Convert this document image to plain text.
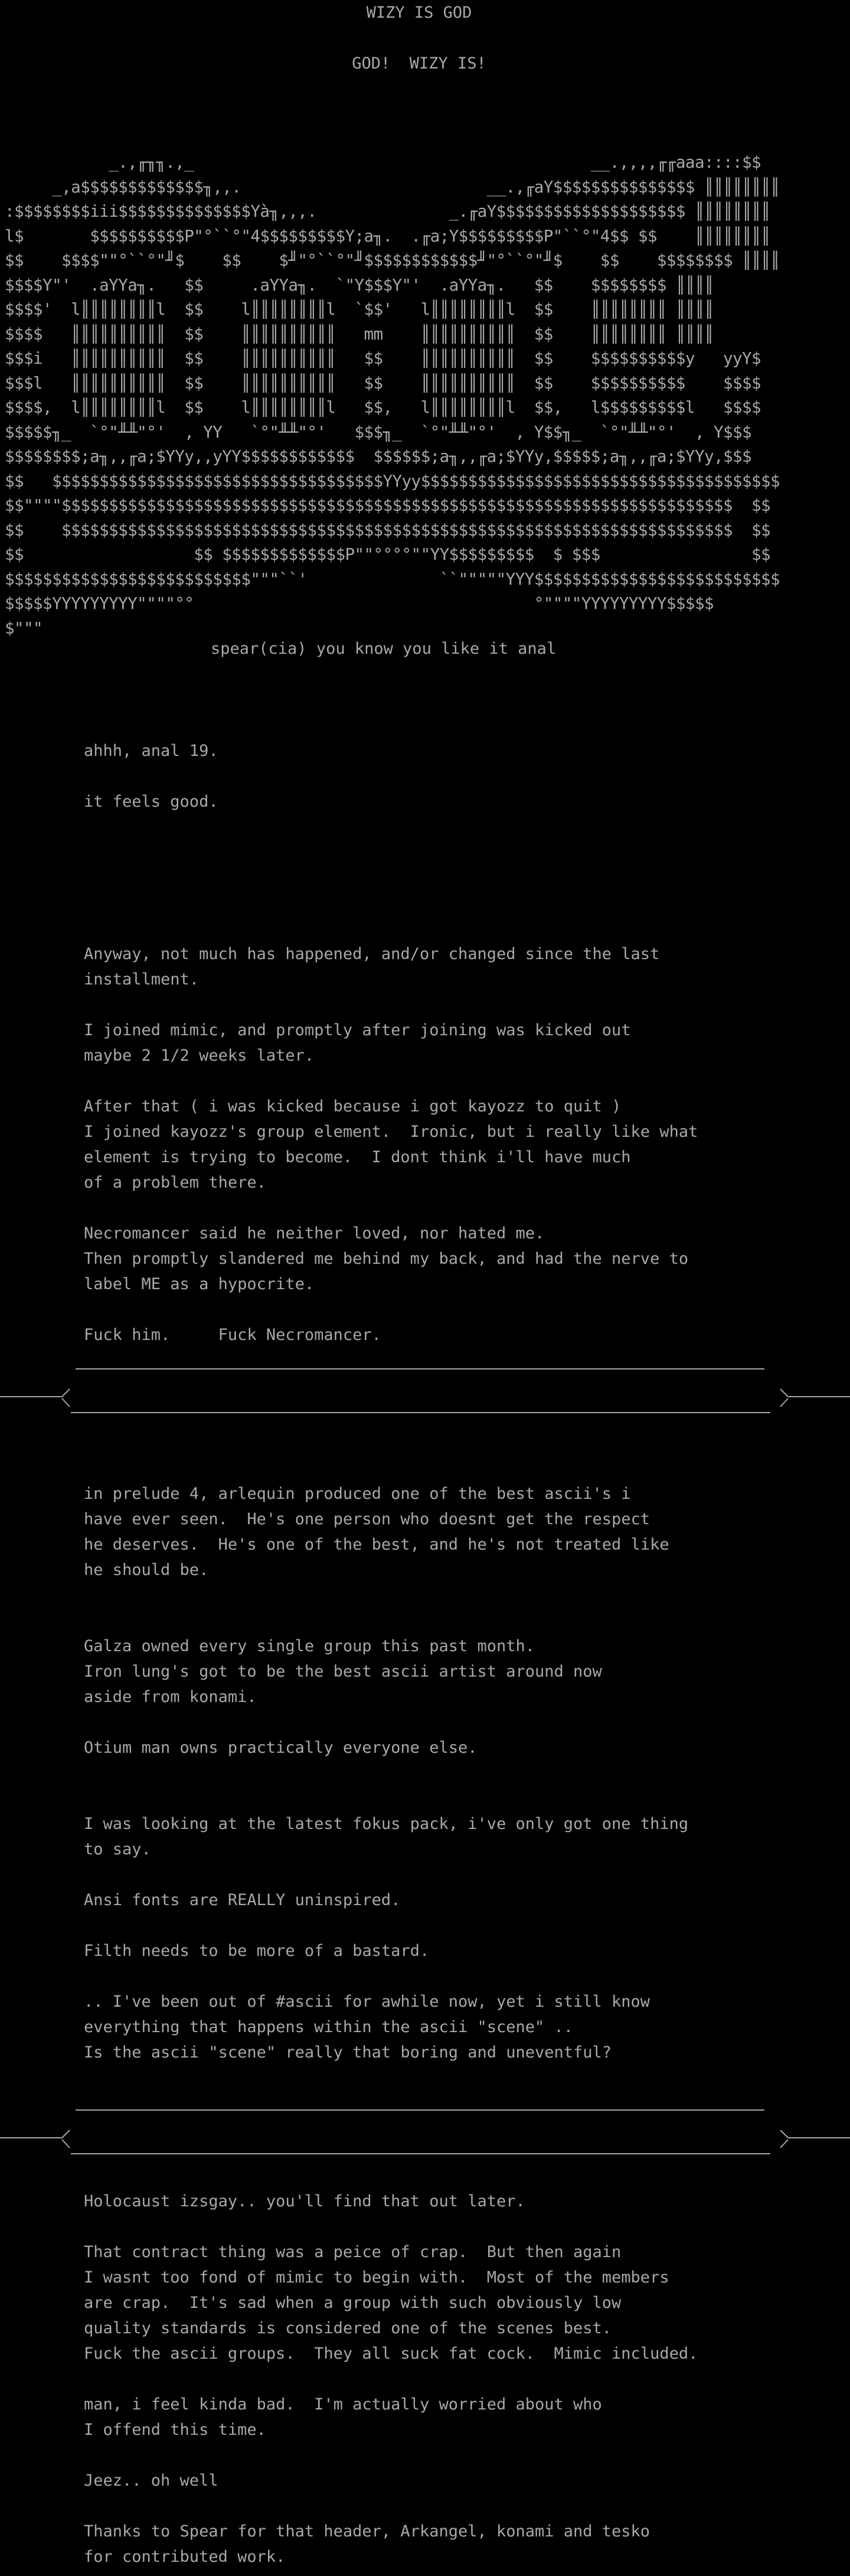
WIZY IS GOD
GOD!  WIZY IS!
_.,╓╖╖.,_                                          __.,,,,╓╓aaa::::$$
_,a$$$$$$$$$$$$$╖,,.                          __.,╓aY$$$$$$$$$$$$$$$ ║║║║║║║║
:$$$$$$$$iii$$$$$$$$$$$$$$Yà╖,,,.              _.╓aY$$$$$$$$$$$$$$$$$$$$ ║║║║║║║║
l$       $$$$$$$$$$P"°``°"4$$$$$$$$$Y;a╖.  .╓a;Y$$$$$$$$$P"``°"4$$ $$    ║║║║║║║║
$$    $$$$""°``°"╜$    $$    $╜"°``°"╜$$$$$$$$$$$$╜"°``°"╜$    $$    $$$$$$$$ ║║║║
$$$$Y"'  .aYYa╖.   $$     .aYYa╖.  `"Y$$$Y"'  .aYYa╖.   $$    $$$$$$$$ ║║║║
$$$$'  l║║║║║║║║l  $$    l║║║║║║║║l  `$$'   l║║║║║║║║l  $$    ║║║║║║║║ ║║║║
$$$$   ║║║║║║║║║║  $$    ║║║║║║║║║║   mm    ║║║║║║║║║║  $$    ║║║║║║║║ ║║║║
$$$i   ║║║║║║║║║║  $$    ║║║║║║║║║║   $$    ║║║║║║║║║║  $$    $$$$$$$$$$y   yyY$
$$$l   ║║║║║║║║║║  $$    ║║║║║║║║║║   $$    ║║║║║║║║║║  $$    $$$$$$$$$$    $$$$
$$$$,  l║║║║║║║║l  $$    l║║║║║║║║l   $$,   l║║║║║║║║l  $$,   l$$$$$$$$$l   $$$$
$$$$$╖_  `°"╨╨"°'  , YY   `°"╨╨"°'   $$$╖_  `°"╨╨"°'  , Y$$╖_  `°"╨╨"°'  , Y$$$
$$$$$$$$;a╖,,╓a;$YYy,,yYY$$$$$$$$$$$$  $$$$$$;a╖,,╓a;$YYy,$$$$$;a╖,,╓a;$YYy,$$$
$$   $$$$$$$$$$$$$$$$$$$$$$$$$$$$$$$$$$$YYyy$$$$$$$$$$$$$$$$$$$$$$$$$$$$$$$$$$$$$$
$$""""$$$$$$$$$$$$$$$$$$$$$$$$$$$$$$$$$$$$$$$$$$$$$$$$$$$$$$$$$$$$$$$$$$$$$$$  $$
$$    $$$$$$$$$$$$$$$$$$$$$$$$$$$$$$$$$$$$$$$$$$$$$$$$$$$$$$$$$$$$$$$$$$$$$$$  $$
$$                  $$ $$$$$$$$$$$$$P""°°°°""YY$$$$$$$$$  $ $$$                $$
$$$$$$$$$$$$$$$$$$$$$$$$$$"""``'              ``"""""YYY$$$$$$$$$$$$$$$$$$$$$$$$$$
$$$$$YYYYYYYYY""""°°                                    °""""YYYYYYYYY$$$$$
$"""
spear(cia) you know you like it anal
ahhh, anal 19.
it feels good.
Anyway, not much has happened, and/or changed since the last
installment.
I joined mimic, and promptly after joining was kicked out
maybe 2 1/2 weeks later.
After that ( i was kicked because i got kayozz to quit )
I joined kayozz's group element.  Ironic, but i really like what
element is trying to become.  I dont think i'll have much
of a problem there.
Necromancer said he neither loved, nor hated me.
Then promptly slandered me behind my back, and had the nerve to
label ME as a hypocrite.
Fuck him.     Fuck Necromancer.
in prelude 4, arlequin produced one of the best ascii's i
have ever seen.  He's one person who doesnt get the respect
he deserves.  He's one of the best, and he's not treated like
he should be.
Galza owned every single group this past month.
Iron lung's got to be the best ascii artist around now
aside from konami.
Otium man owns practically everyone else.
I was looking at the latest fokus pack, i've only got one thing
to say.
Ansi fonts are REALLY uninspired.
Filth needs to be more of a bastard.
.. I've been out of #ascii for awhile now, yet i still know
everything that happens within the ascii "scene" ..
Is the ascii "scene" really that boring and uneventful?
Holocaust izsgay.. you'll find that out later.
That contract thing was a peice of crap.  But then again
I wasnt too fond of mimic to begin with.  Most of the members
are crap.  It's sad when a group with such obviously low
quality standards is considered one of the scenes best.
Fuck the ascii groups.  They all suck fat cock.  Mimic included.
man, i feel kinda bad.  I'm actually worried about who
I offend this time.
Jeez.. oh well
Thanks to Spear for that header, Arkangel, konami and tesko
for contributed work.
